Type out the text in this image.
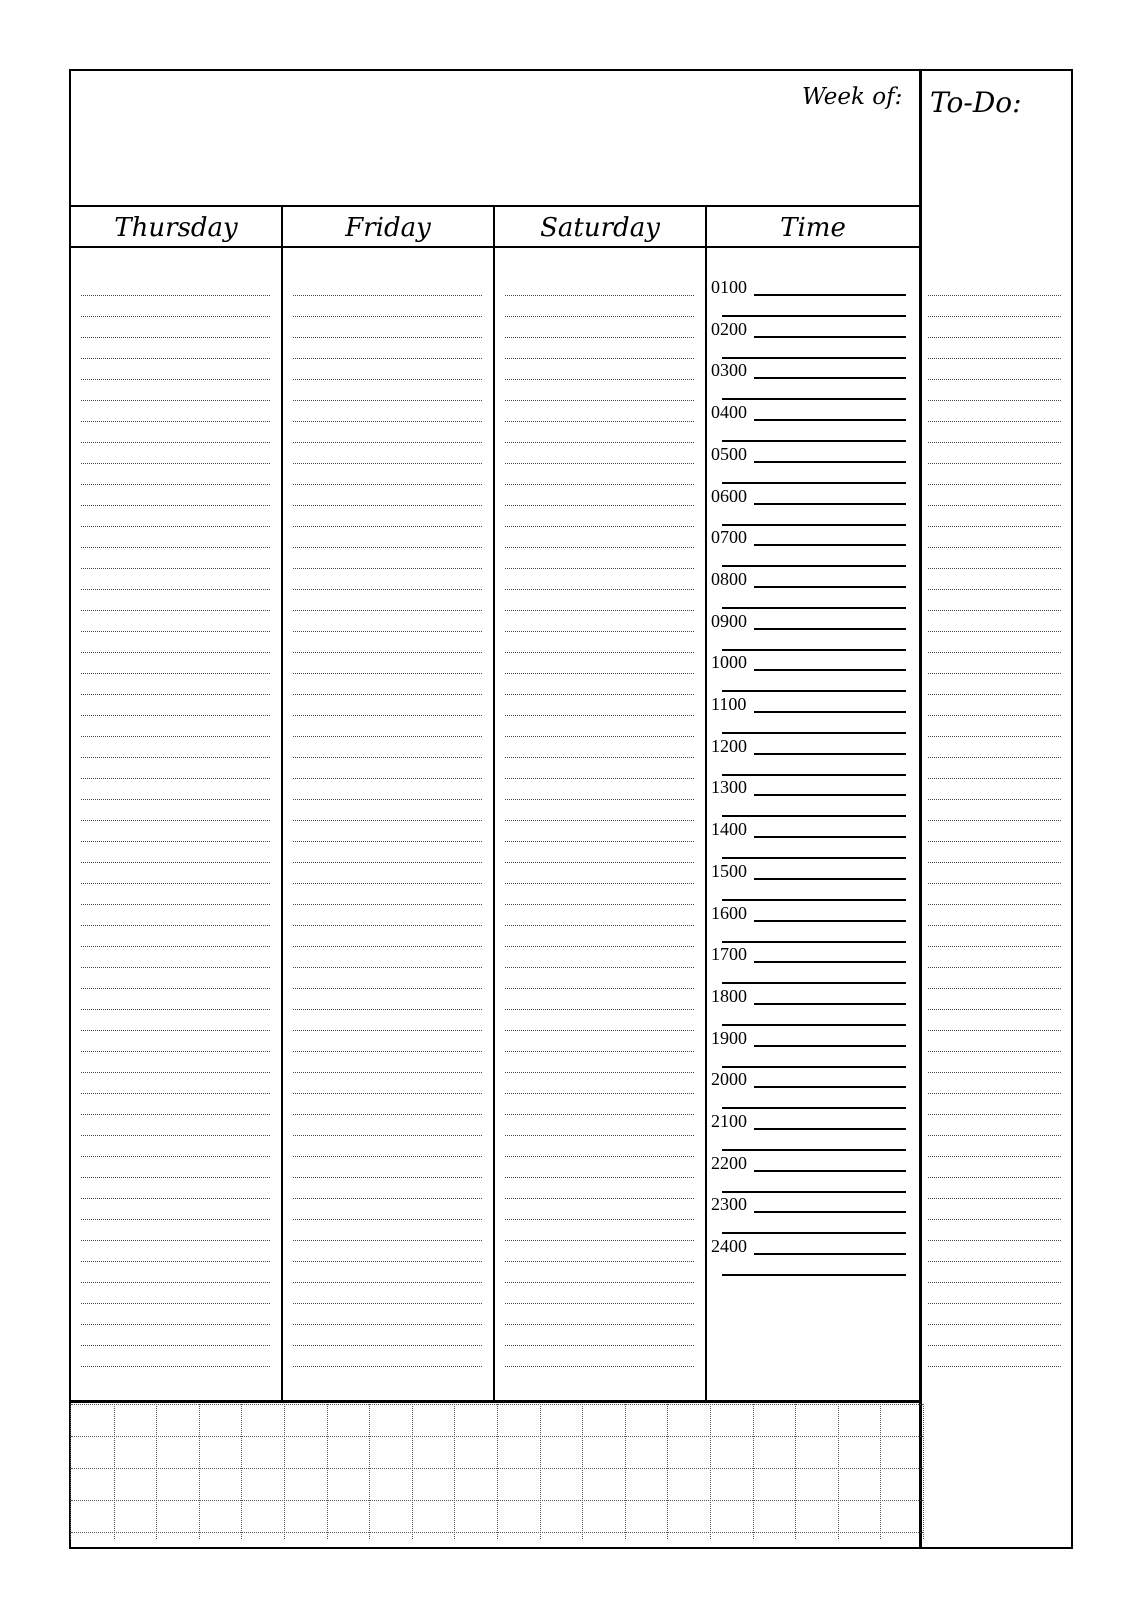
Week of: To-Do:
Thursday	Friday	Saturday	Time
0100
0200
0300
0400
0500
0600
0700
0800
0900
1000
1100
1200
1300
1400
1500
1600
1700
1800
1900
2000
2100
2200
2300
2400
